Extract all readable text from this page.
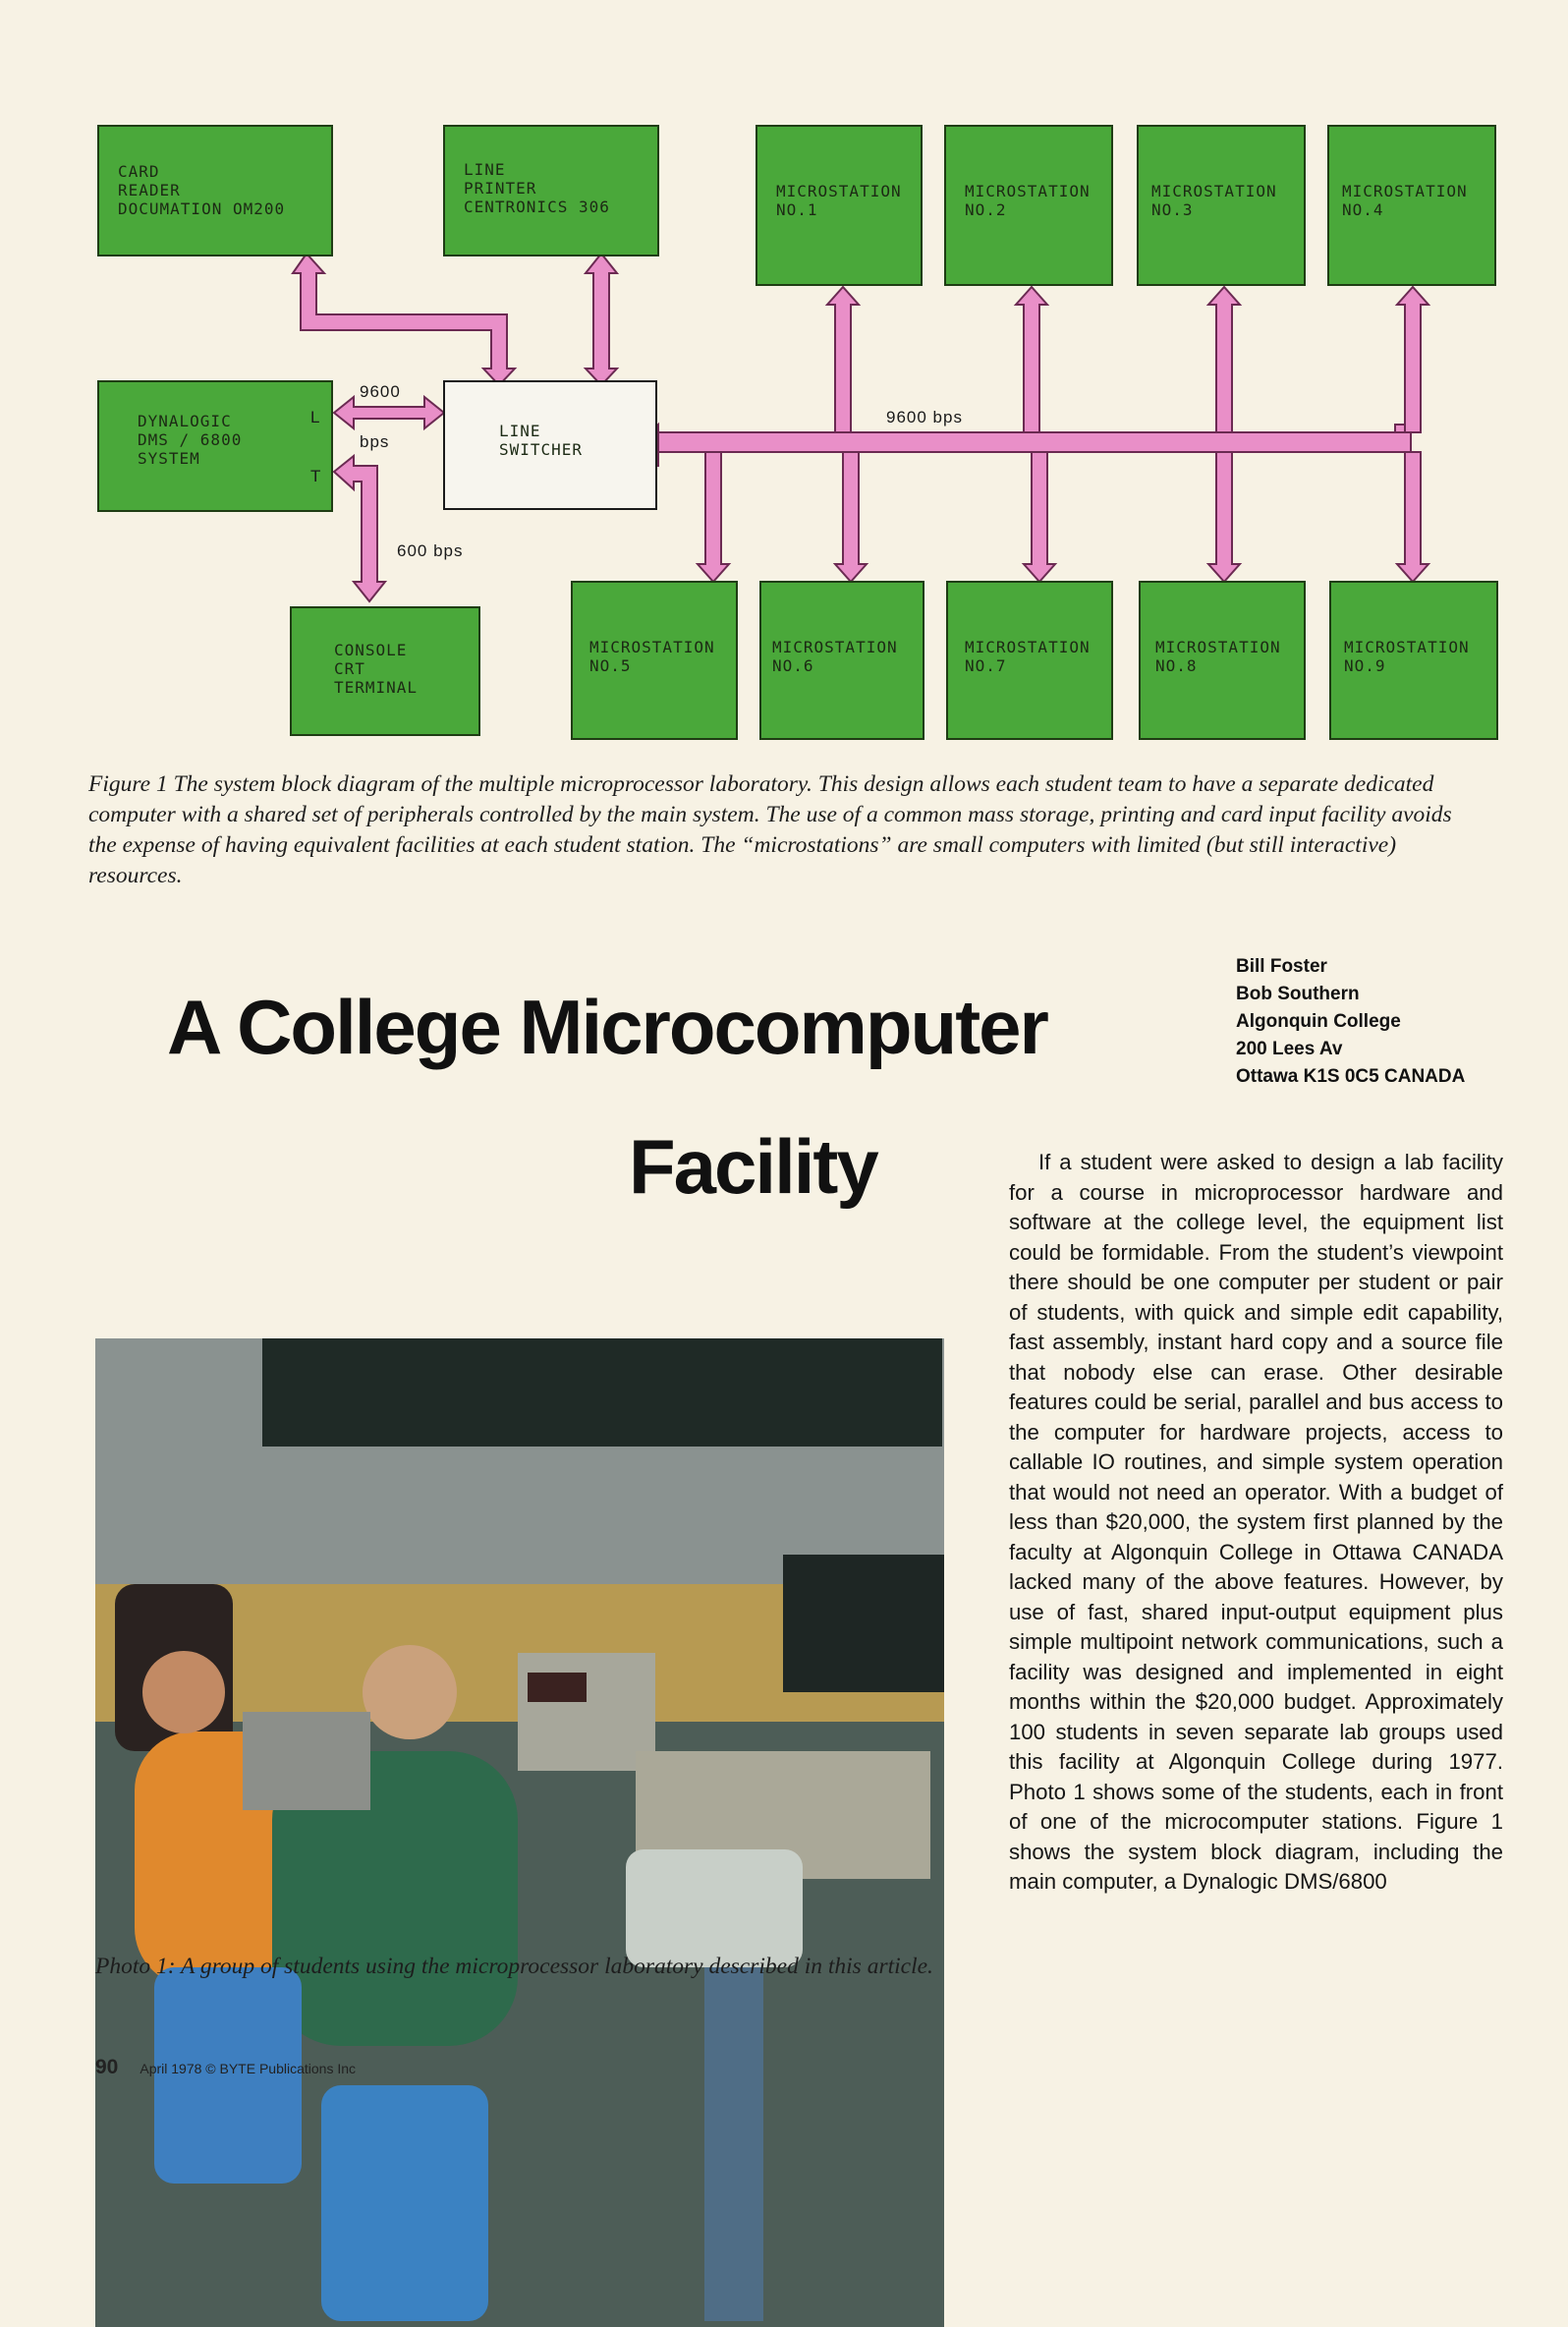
CARD
READER
DOCUMATION OM200
LINE
PRINTER
CENTRONICS 306
DYNALOGIC
DMS / 6800
SYSTEM
LINE
SWITCHER
CONSOLE
CRT
TERMINAL
MICROSTATION
NO.1
MICROSTATION
NO.2
MICROSTATION
NO.3
MICROSTATION
NO.4
MICROSTATION
NO.5
MICROSTATION
NO.6
MICROSTATION
NO.7
MICROSTATION
NO.8
MICROSTATION
NO.9
9600
bps
L
T
9600 bps
600 bps
Figure 1 The system block diagram of the multiple microprocessor laboratory. This design allows each student team to have a separate dedicated computer with a shared set of peripherals controlled by the main system. The use of a common mass storage, printing and card input facility avoids the expense of having equivalent facilities at each student station. The “microstations” are small computers with limited (but still interactive) resources.
A College Microcomputer
Facility
Bill Foster
Bob Southern
Algonquin College
200 Lees Av
Ottawa K1S 0C5 CANADA
If a student were asked to design a lab facility for a course in microprocessor hardware and software at the college level, the equipment list could be formidable. From the student’s viewpoint there should be one computer per student or pair of students, with quick and simple edit capability, fast assembly, instant hard copy and a source file that nobody else can erase. Other desirable features could be serial, parallel and bus access to the computer for hardware projects, access to callable IO routines, and simple system operation that would not need an operator. With a budget of less than $20,000, the system first planned by the faculty at Algonquin College in Ottawa CANADA lacked many of the above features. However, by use of fast, shared input-output equipment plus simple multipoint network communications, such a facility was designed and implemented in eight months within the $20,000 budget. Approximately 100 students in seven separate lab groups used this facility at Algonquin College during 1977. Photo 1 shows some of the students, each in front of one of the microcomputer stations. Figure 1 shows the system block diagram, including the main computer, a Dynalogic DMS/6800
Photo 1: A group of students using the microprocessor laboratory described in this article.
90 April 1978 © BYTE Publications Inc
